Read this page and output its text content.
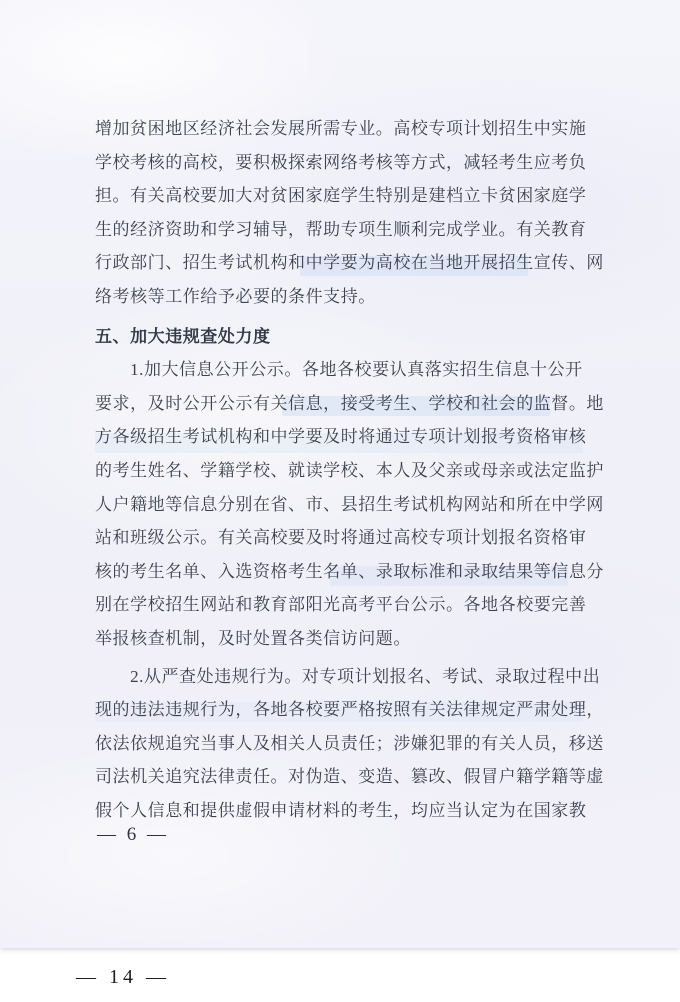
增加贫困地区经济社会发展所需专业。高校专项计划招生中实施
学校考核的高校，要积极探索网络考核等方式，减轻考生应考负
担。有关高校要加大对贫困家庭学生特别是建档立卡贫困家庭学
生的经济资助和学习辅导，帮助专项生顺利完成学业。有关教育
行政部门、招生考试机构和中学要为高校在当地开展招生宣传、网
络考核等工作给予必要的条件支持。
五、加大违规查处力度
　　1.加大信息公开公示。各地各校要认真落实招生信息十公开
要求，及时公开公示有关信息，接受考生、学校和社会的监督。地
方各级招生考试机构和中学要及时将通过专项计划报考资格审核
的考生姓名、学籍学校、就读学校、本人及父亲或母亲或法定监护
人户籍地等信息分别在省、市、县招生考试机构网站和所在中学网
站和班级公示。有关高校要及时将通过高校专项计划报名资格审
核的考生名单、入选资格考生名单、录取标准和录取结果等信息分
别在学校招生网站和教育部阳光高考平台公示。各地各校要完善
举报核查机制，及时处置各类信访问题。
　　2.从严查处违规行为。对专项计划报名、考试、录取过程中出
现的违法违规行为，各地各校要严格按照有关法律规定严肃处理，
依法依规追究当事人及相关人员责任；涉嫌犯罪的有关人员，移送
司法机关追究法律责任。对伪造、变造、篡改、假冒户籍学籍等虚
假个人信息和提供虚假申请材料的考生，均应当认定为在国家教
— 6 —
— 14 —
